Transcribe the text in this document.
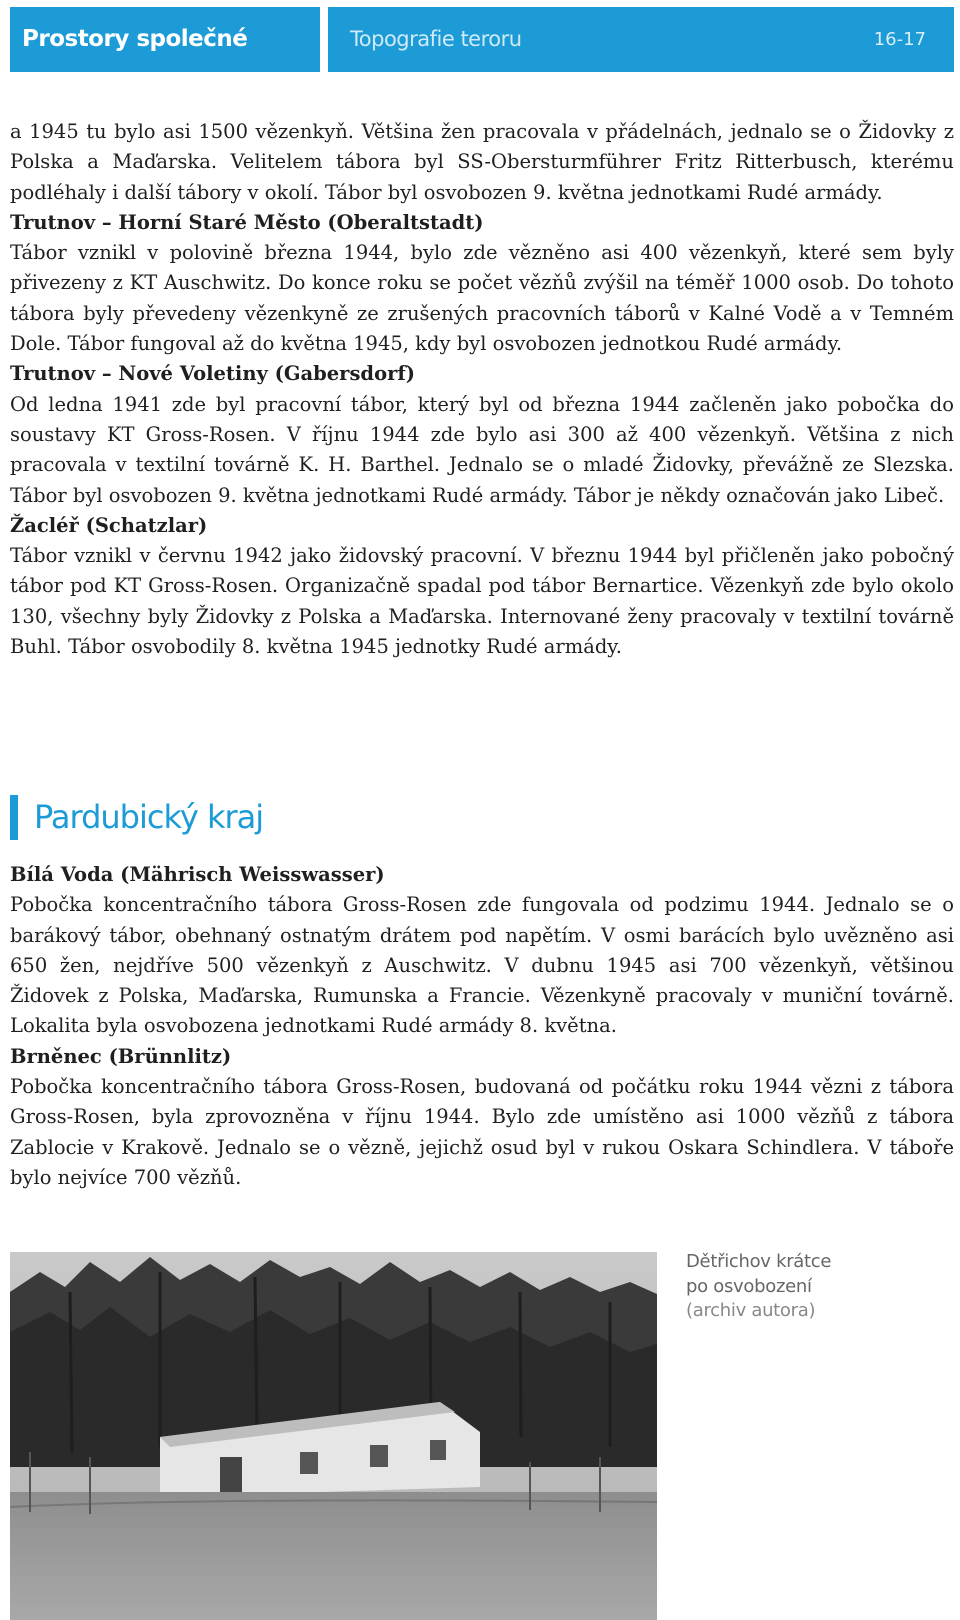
Prostory společné paměti
Topografie teroru	16-17

a 1945 tu bylo asi 1500 vězenkyň. Většina žen pracovala v přádelnách, jednalo se o Židovky z Polska a Maďarska. Velitelem tábora byl SS-Obersturmführer Fritz Ritterbusch, kterému podléhaly i další tábory v okolí. Tábor byl osvobozen 9. května jednotkami Rudé armády.

Trutnov – Horní Staré Město (Oberaltstadt)

Tábor vznikl v polovině března 1944, bylo zde vězněno asi 400 vězenkyň, které sem byly přivezeny z KT Auschwitz. Do konce roku se počet vězňů zvýšil na téměř 1000 osob. Do tohoto tábora byly převedeny vězenkyně ze zrušených pracovních táborů v Kalné Vodě a v Temném Dole. Tábor fungoval až do května 1945, kdy byl osvobozen jednotkou Rudé armády.

Trutnov – Nové Voletiny (Gabersdorf)

Od ledna 1941 zde byl pracovní tábor, který byl od března 1944 začleněn jako pobočka do soustavy KT Gross-Rosen. V říjnu 1944 zde bylo asi 300 až 400 vězenkyň. Většina z nich pracovala v textilní továrně K. H. Barthel. Jednalo se o mladé Židovky, převážně ze Slezska. Tábor byl osvobozen 9. května jednotkami Rudé armády. Tábor je někdy označován jako Libeč.

Žacléř (Schatzlar)

Tábor vznikl v červnu 1942 jako židovský pracovní. V březnu 1944 byl přičleněn jako pobočný tábor pod KT Gross-Rosen. Organizačně spadal pod tábor Bernartice. Vězenkyň zde bylo okolo 130, všechny byly Židovky z Polska a Maďarska. Internované ženy pracovaly v textilní továrně Buhl. Tábor osvobodily 8. května 1945 jednotky Rudé armády.

Pardubický kraj

Bílá Voda (Mährisch Weisswasser)

Pobočka koncentračního tábora Gross-Rosen zde fungovala od podzimu 1944. Jednalo se o barákový tábor, obehnaný ostnatým drátem pod napětím. V osmi barácích bylo uvězněno asi 650 žen, nejdříve 500 vězenkyň z Auschwitz. V dubnu 1945 asi 700 vězenkyň, většinou Židovek z Polska, Maďarska, Rumunska a Francie. Vězenkyně pracovaly v muniční továrně. Lokalita byla osvobozena jednotkami Rudé armády 8. května.

Brněnec (Brünnlitz)

Pobočka koncentračního tábora Gross-Rosen, budovaná od počátku roku 1944 vězni z tábora Gross-Rosen, byla zprovozněna v říjnu 1944. Bylo zde umístěno asi 1000 vězňů z tábora Zablocie v Krakově. Jednalo se o vězně, jejichž osud byl v rukou Oskara Schindlera. V táboře bylo nejvíce 700 vězňů.

Dětřichov krátce
po osvobození
(archiv autora)
